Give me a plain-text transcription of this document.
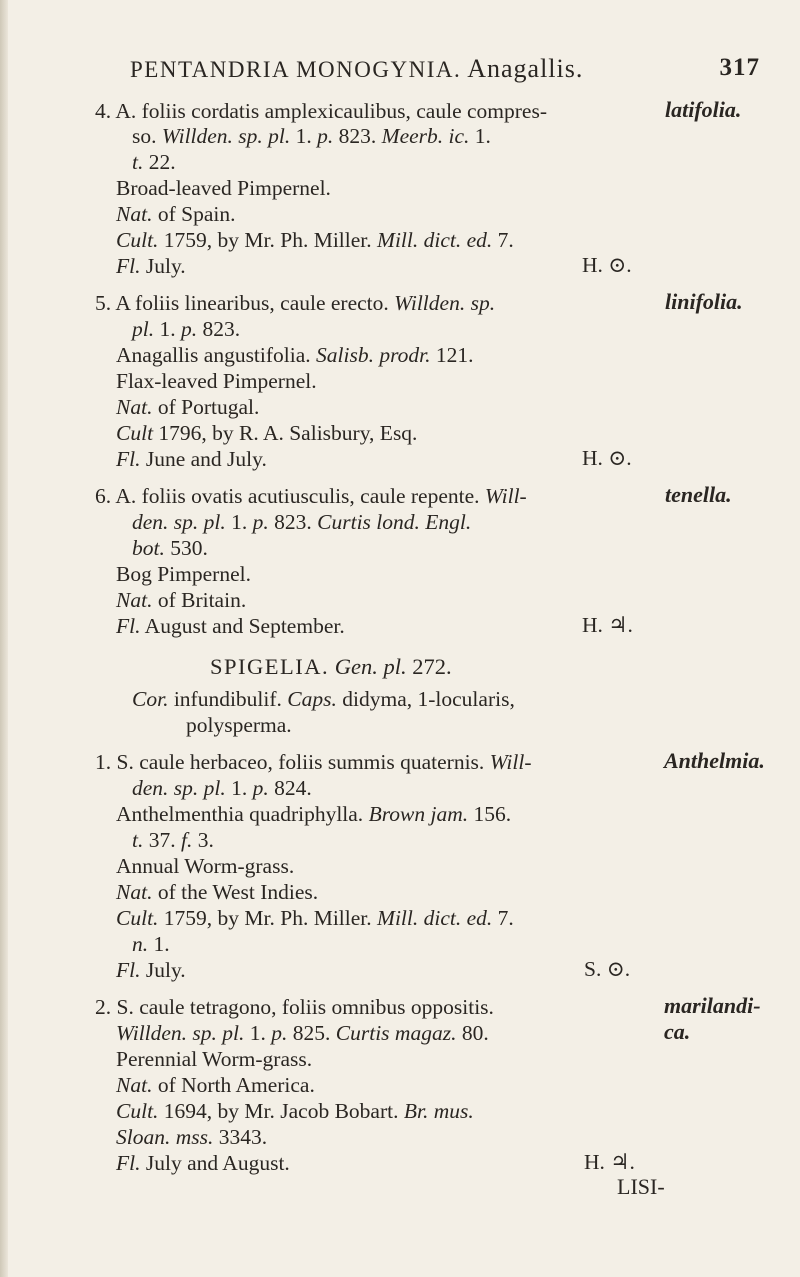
PENTANDRIA MONOGYNIA. Anagallis.	317
4. A. foliis cordatis amplexicaulibus, caule compres-
so. Willden. sp. pl. 1. p. 823. Meerb. ic. 1.
t. 22.
Broad-leaved Pimpernel.
Nat. of Spain.
Cult. 1759, by Mr. Ph. Miller. Mill. dict. ed. 7.
Fl. July.	H. ⊙.
latifolia.
5. A foliis linearibus, caule erecto. Willden. sp.
pl. 1. p. 823.
Anagallis angustifolia. Salisb. prodr. 121.
Flax-leaved Pimpernel.
Nat. of Portugal.
Cult 1796, by R. A. Salisbury, Esq.
Fl. June and July.	H. ⊙.
linifolia.
6. A. foliis ovatis acutiusculis, caule repente. Will-
den. sp. pl. 1. p. 823. Curtis lond. Engl.
bot. 530.
Bog Pimpernel.
Nat. of Britain.
Fl. August and September.	H. ♃.
tenella.
SPIGELIA. Gen. pl. 272.
Cor. infundibulif. Caps. didyma, 1-locularis,
polysperma.
1. S. caule herbaceo, foliis summis quaternis. Will-
den. sp. pl. 1. p. 824.
Anthelmenthia quadriphylla. Brown jam. 156.
t. 37. f. 3.
Annual Worm-grass.
Nat. of the West Indies.
Cult. 1759, by Mr. Ph. Miller. Mill. dict. ed. 7.
n. 1.
Fl. July.	S. ⊙.
Anthelmia.
2. S. caule tetragono, foliis omnibus oppositis.
Willden. sp. pl. 1. p. 825. Curtis magaz. 80.
Perennial Worm-grass.
Nat. of North America.
Cult. 1694, by Mr. Jacob Bobart. Br. mus.
Sloan. mss. 3343.
Fl. July and August.	H. ♃.
marilandi-
ca.
LISI-
